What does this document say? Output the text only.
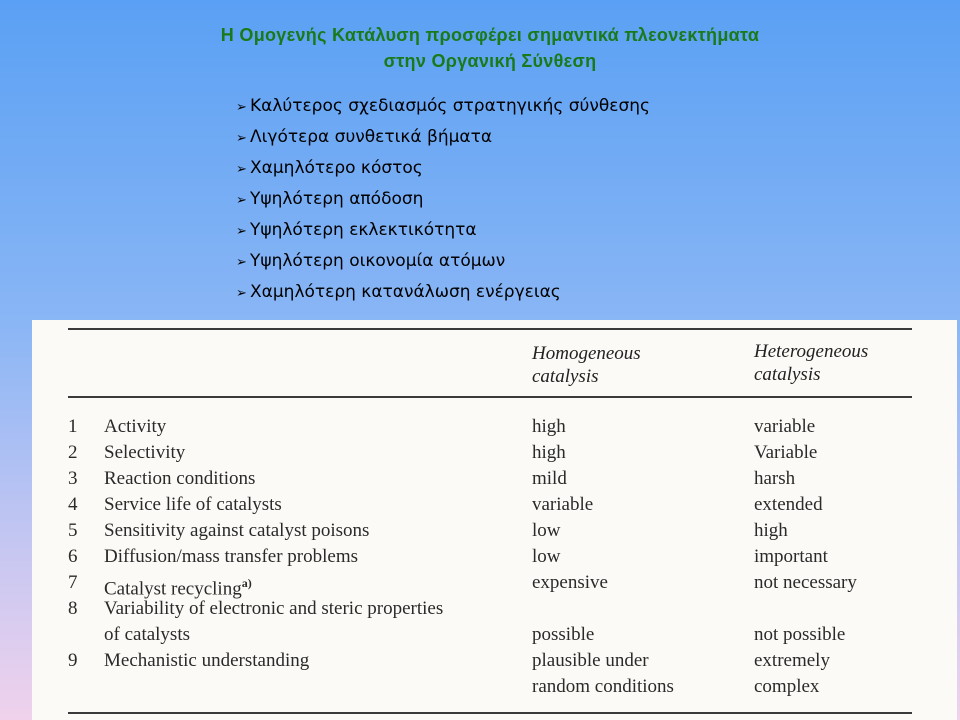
Η Ομογενής Κατάλυση προσφέρει σημαντικά πλεονεκτήματα
στην Οργανική Σύνθεση
➢ Καλύτερος σχεδιασμός στρατηγικής σύνθεσης
➢ Λιγότερα συνθετικά βήματα
➢ Χαμηλότερο κόστος
➢ Υψηλότερη απόδοση
➢ Υψηλότερη εκλεκτικότητα
➢ Υψηλότερη οικονομία ατόμων
➢ Χαμηλότερη κατανάλωση ενέργειας
Homogeneous
catalysis
Heterogeneous
catalysis
1 Activity	high	variable
2 Selectivity	high	Variable
3 Reaction conditions	mild	harsh
4 Service life of catalysts	variable	extended
5 Sensitivity against catalyst poisons	low	high
6 Diffusion/mass transfer problems	low	important
7 Catalyst recycling$^{a)}$	expensive	not necessary
8 Variability of electronic and steric properties
of catalysts	possible	not possible
9 Mechanistic understanding	plausible under	extremely
random conditions	complex
